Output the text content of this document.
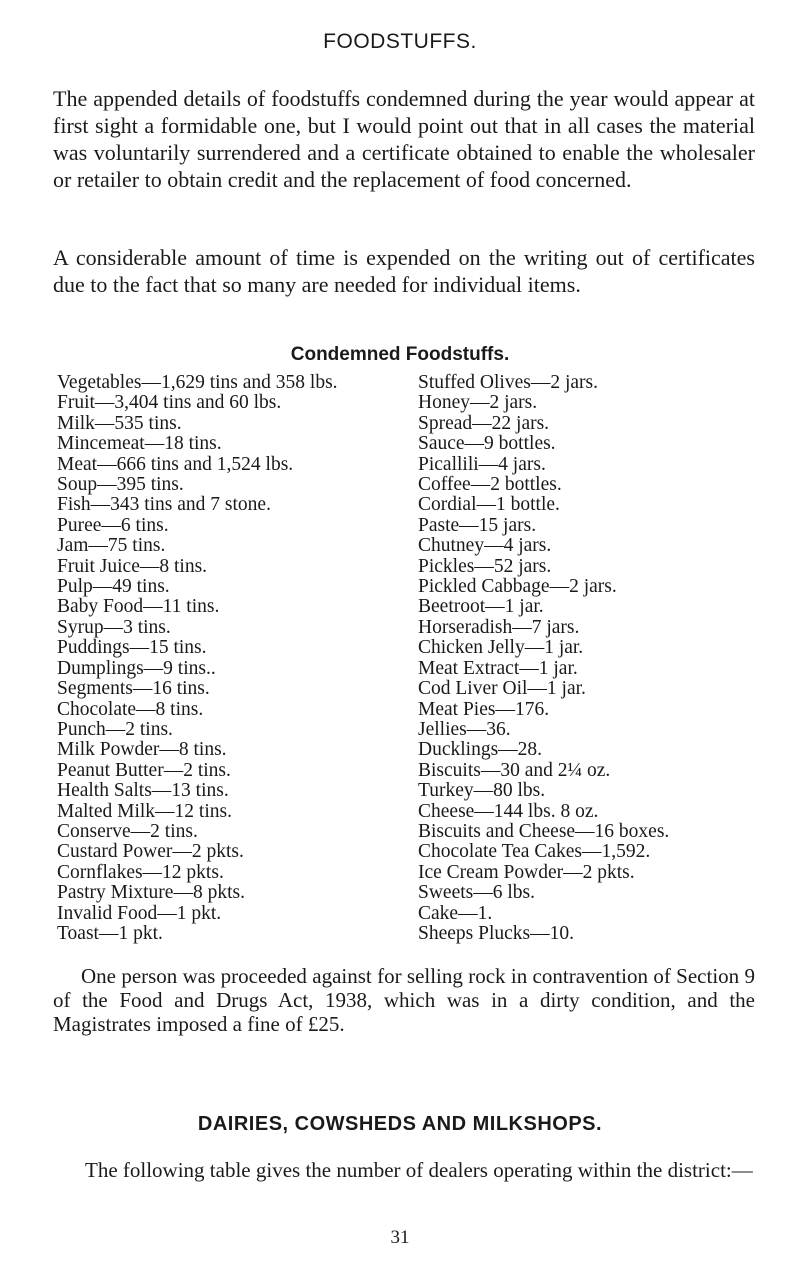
FOODSTUFFS.

The appended details of foodstuffs condemned during the year would appear at first sight a formidable one, but I would point out that in all cases the material was voluntarily surrendered and a certificate obtained to enable the wholesaler or retailer to obtain credit and the replacement of food concerned.

A considerable amount of time is expended on the writing out of certificates due to the fact that so many are needed for individual items.

Condemned Foodstuffs.
Vegetables—1,629 tins and 358 lbs.
Fruit—3,404 tins and 60 lbs.
Milk—535 tins.
Mincemeat—18 tins.
Meat—666 tins and 1,524 lbs.
Soup—395 tins.
Fish—343 tins and 7 stone.
Puree—6 tins.
Jam—75 tins.
Fruit Juice—8 tins.
Pulp—49 tins.
Baby Food—11 tins.
Syrup—3 tins.
Puddings—15 tins.
Dumplings—9 tins..
Segments—16 tins.
Chocolate—8 tins.
Punch—2 tins.
Milk Powder—8 tins.
Peanut Butter—2 tins.
Health Salts—13 tins.
Malted Milk—12 tins.
Conserve—2 tins.
Custard Power—2 pkts.
Cornflakes—12 pkts.
Pastry Mixture—8 pkts.
Invalid Food—1 pkt.
Toast—1 pkt.
Stuffed Olives—2 jars.
Honey—2 jars.
Spread—22 jars.
Sauce—9 bottles.
Picallili—4 jars.
Coffee—2 bottles.
Cordial—1 bottle.
Paste—15 jars.
Chutney—4 jars.
Pickles—52 jars.
Pickled Cabbage—2 jars.
Beetroot—1 jar.
Horseradish—7 jars.
Chicken Jelly—1 jar.
Meat Extract—1 jar.
Cod Liver Oil—1 jar.
Meat Pies—176.
Jellies—36.
Ducklings—28.
Biscuits—30 and 2¼ oz.
Turkey—80 lbs.
Cheese—144 lbs. 8 oz.
Biscuits and Cheese—16 boxes.
Chocolate Tea Cakes—1,592.
Ice Cream Powder—2 pkts.
Sweets—6 lbs.
Cake—1.
Sheeps Plucks—10.

One person was proceeded against for selling rock in contravention of Section 9 of the Food and Drugs Act, 1938, which was in a dirty condition, and the Magistrates imposed a fine of £25.

DAIRIES, COWSHEDS AND MILKSHOPS.

The following table gives the number of dealers operating within the district:—

31
